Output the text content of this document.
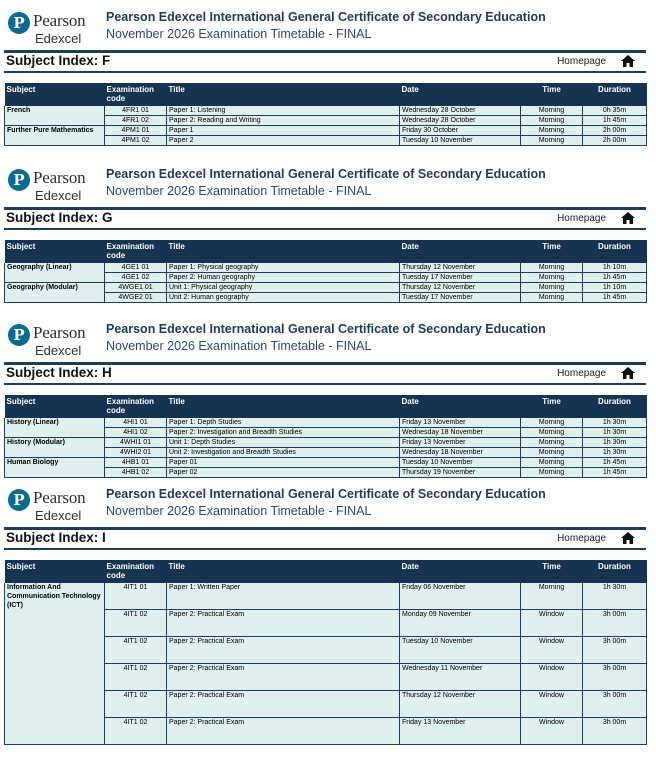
P Pearson
Edexcel
Pearson Edexcel International General Certificate of Secondary Education
November 2026 Examination Timetable - FINAL
Subject Index: F	Homepage
Subject	Examination code	Title	Date	Time	Duration
French	4FR1 01	Paper 1: Listening	Wednesday 28 October	Morning	0h 35m
	4FR1 02	Paper 2: Reading and Writing	Wednesday 28 October	Morning	1h 45m
Further Pure Mathematics	4PM1 01	Paper 1	Friday 30 October	Morning	2h 00m
	4PM1 02	Paper 2	Tuesday 10 November	Morning	2h 00m
P Pearson
Edexcel
Pearson Edexcel International General Certificate of Secondary Education
November 2026 Examination Timetable - FINAL
Subject Index: G	Homepage
Subject	Examination code	Title	Date	Time	Duration
Geography (Linear)	4GE1 01	Paper 1: Physical geography	Thursday 12 November	Morning	1h 10m
	4GE1 02	Paper 2: Human geography	Tuesday 17 November	Morning	1h 45m
Geography (Modular)	4WGE1 01	Unit 1: Physical geography	Thursday 12 November	Morning	1h 10m
	4WGE2 01	Unit 2: Human geography	Tuesday 17 November	Morning	1h 45m
P Pearson
Edexcel
Pearson Edexcel International General Certificate of Secondary Education
November 2026 Examination Timetable - FINAL
Subject Index: H	Homepage
Subject	Examination code	Title	Date	Time	Duration
History (Linear)	4HI1 01	Paper 1: Depth Studies	Friday 13 November	Morning	1h 30m
	4HI1 02	Paper 2: Investigation and Breadth Studies	Wednesday 18 November	Morning	1h 30m
History (Modular)	4WHI1 01	Unit 1: Depth Studies	Friday 13 November	Morning	1h 30m
	4WHI2 01	Unit 2: Investigation and Breadth Studies	Wednesday 18 November	Morning	1h 30m
Human Biology	4HB1 01	Paper 01	Tuesday 10 November	Morning	1h 45m
	4HB1 02	Paper 02	Thursday 19 November	Morning	1h 45m
P Pearson
Edexcel
Pearson Edexcel International General Certificate of Secondary Education
November 2026 Examination Timetable - FINAL
Subject Index: I	Homepage
Subject	Examination code	Title	Date	Time	Duration
Information And Communication Technology (ICT)	4IT1 01	Paper 1: Written Paper	Friday 06 November	Morning	1h 30m
	4IT1 02	Paper 2: Practical Exam	Monday 09 November	Window	3h 00m
	4IT1 02	Paper 2: Practical Exam	Tuesday 10 November	Window	3h 00m
	4IT1 02	Paper 2: Practical Exam	Wednesday 11 November	Window	3h 00m
	4IT1 02	Paper 2: Practical Exam	Thursday 12 November	Window	3h 00m
	4IT1 02	Paper 2: Practical Exam	Friday 13 November	Window	3h 00m
